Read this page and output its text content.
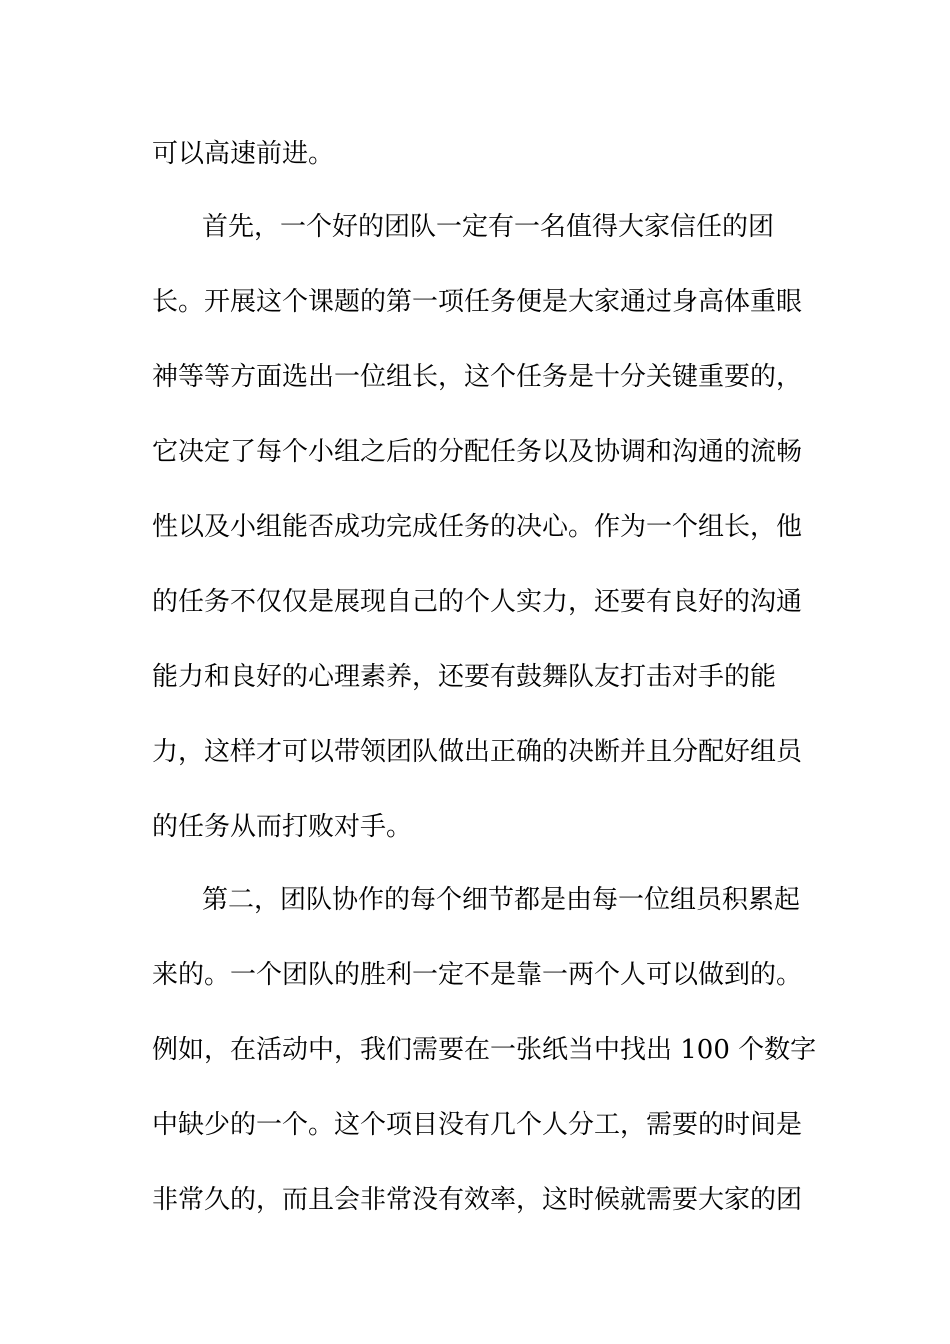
可以高速前进。
首先，一个好的团队一定有一名值得大家信任的团
长。开展这个课题的第一项任务便是大家通过身高体重眼
神等等方面选出一位组长，这个任务是十分关键重要的，
它决定了每个小组之后的分配任务以及协调和沟通的流畅
性以及小组能否成功完成任务的决心。作为一个组长，他
的任务不仅仅是展现自己的个人实力，还要有良好的沟通
能力和良好的心理素养，还要有鼓舞队友打击对手的能
力，这样才可以带领团队做出正确的决断并且分配好组员
的任务从而打败对手。
第二，团队协作的每个细节都是由每一位组员积累起
来的。一个团队的胜利一定不是靠一两个人可以做到的。
例如，在活动中，我们需要在一张纸当中找出 100 个数字
中缺少的一个。这个项目没有几个人分工，需要的时间是
非常久的，而且会非常没有效率，这时候就需要大家的团
